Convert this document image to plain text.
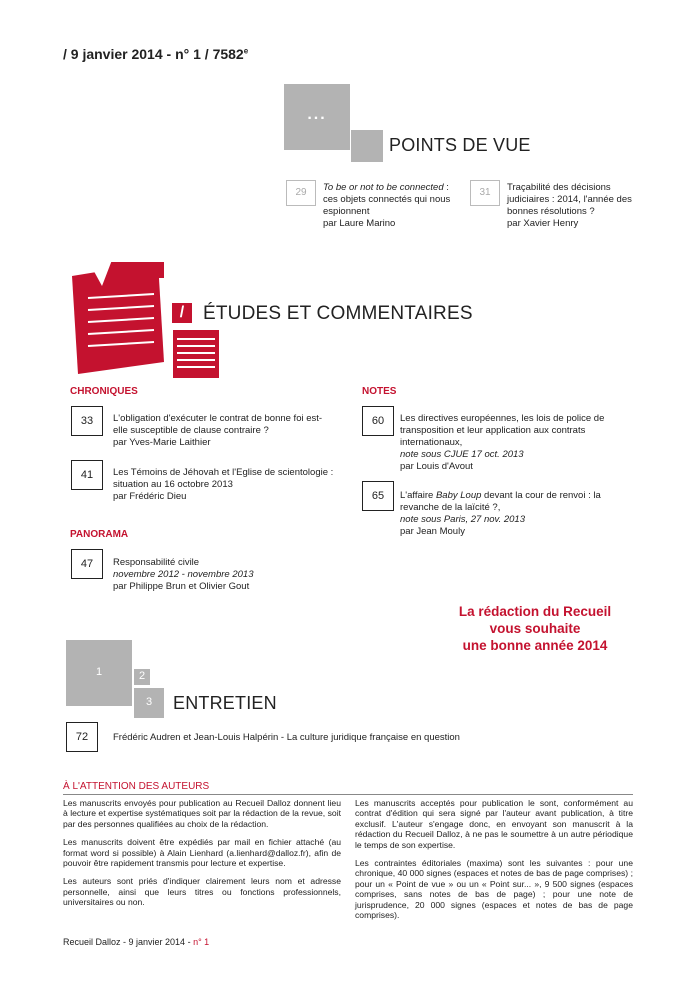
/ 9 janvier 2014 - n° 1 / 7582e
...
POINTS DE VUE
29	To be or not to be connected : ces objets connectés qui nous espionnent
par Laure Marino
31	Traçabilité des décisions judiciaires : 2014, l'année des bonnes résolutions ?
par Xavier Henry
/ ÉTUDES ET COMMENTAIRES
CHRONIQUES
33	L'obligation d'exécuter le contrat de bonne foi est-elle susceptible de clause contraire ?
par Yves-Marie Laithier
41	Les Témoins de Jéhovah et l'Eglise de scientologie : situation au 16 octobre 2013
par Frédéric Dieu
PANORAMA
47	Responsabilité civile
novembre 2012 - novembre 2013
par Philippe Brun et Olivier Gout
NOTES
60	Les directives européennes, les lois de police de transposition et leur application aux contrats internationaux,
note sous CJUE 17 oct. 2013
par Louis d'Avout
65	L'affaire Baby Loup devant la cour de renvoi : la revanche de la laïcité ?,
note sous Paris, 27 nov. 2013
par Jean Mouly
La rédaction du Recueil
vous souhaite
une bonne année 2014
1	2
3	ENTRETIEN
72	Frédéric Audren et Jean-Louis Halpérin - La culture juridique française en question
À L'ATTENTION DES AUTEURS

Les manuscrits envoyés pour publication au Recueil Dalloz donnent lieu à lecture et expertise systématiques soit par la rédaction de la revue, soit par des personnes qualifiées au choix de la rédaction.

Les manuscrits doivent être expédiés par mail en fichier attaché (au format word si possible) à Alain Lienhard (a.lienhard@dalloz.fr), afin de pouvoir être rapidement transmis pour lecture et expertise.

Les auteurs sont priés d'indiquer clairement leurs nom et adresse personnelle, ainsi que leurs titres ou fonctions professionnels, universitaires ou non.

Les manuscrits acceptés pour publication le sont, conformément au contrat d'édition qui sera signé par l'auteur avant publication, à titre exclusif. L'auteur s'engage donc, en envoyant son manuscrit à la rédaction du Recueil Dalloz, à ne pas le soumettre à un autre périodique le temps de son expertise.

Les contraintes éditoriales (maxima) sont les suivantes : pour une chronique, 40 000 signes (espaces et notes de bas de page comprises) ; pour un « Point de vue » ou un « Point sur... », 9 500 signes (espaces comprises, sans notes de bas de page) ; pour une note de jurisprudence, 20 000 signes (espaces et notes de bas de page comprises).

Recueil Dalloz - 9 janvier 2014 - n° 1
